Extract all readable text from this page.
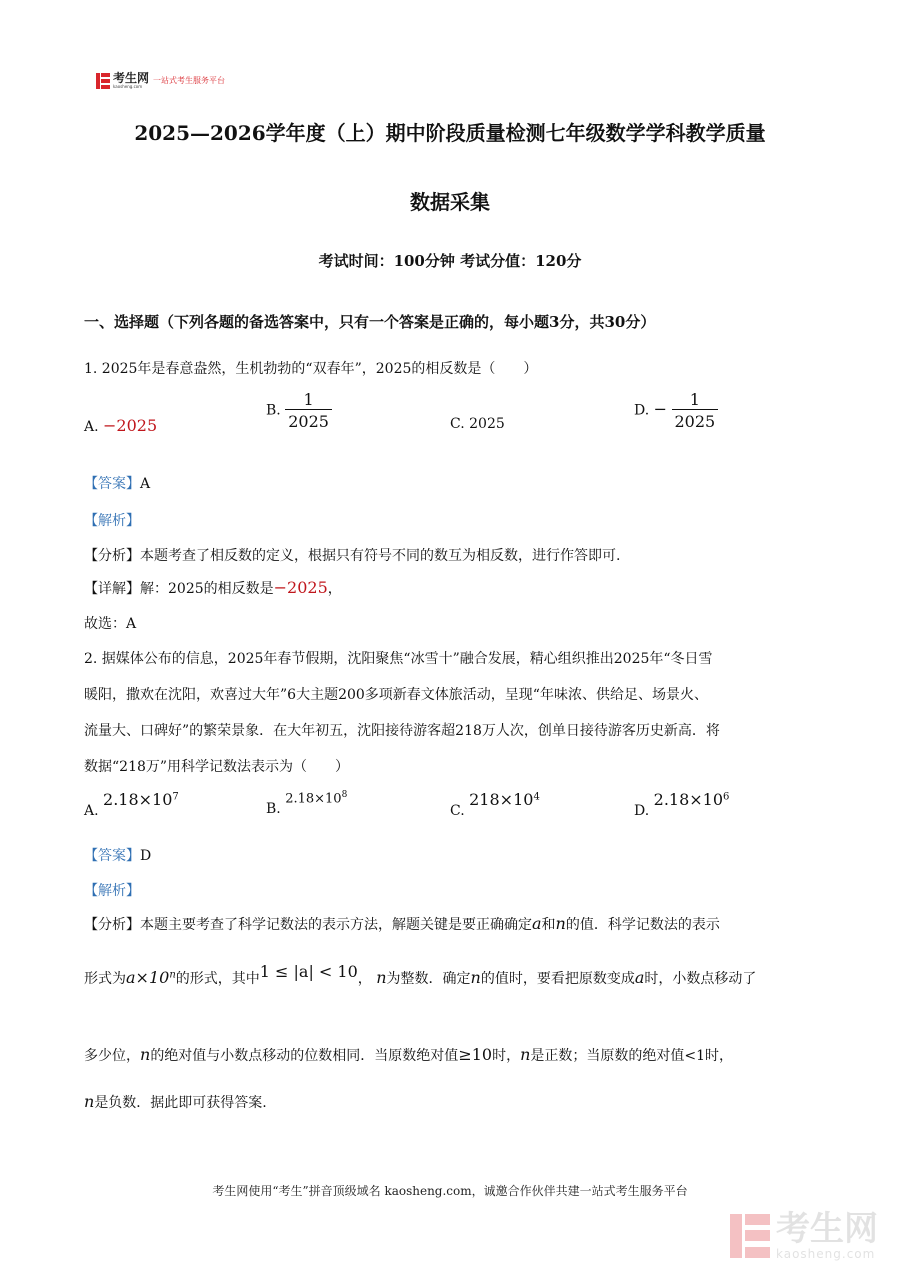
考生网
kaosheng.com
一站式考生服务平台
2025—2026学年度（上）期中阶段质量检测七年级数学学科教学质量
数据采集
考试时间：100分钟 考试分值：120分
一、选择题（下列各题的备选答案中，只有一个答案是正确的，每小题3分，共30分）
1. 2025年是春意盎然，生机勃勃的“双春年”，2025的相反数是（　　）
A. −2025
B. $\frac{1}{2025}$	C. 2025
D. − $\frac{1}{2025}$
【答案】A
【解析】
【分析】本题考查了相反数的定义，根据只有符号不同的数互为相反数，进行作答即可.
【详解】解：2025的相反数是−2025，
故选：A
2. 据媒体公布的信息，2025年春节假期，沈阳聚焦“冰雪十”融合发展，精心组织推出2025年“冬日雪
暖阳，撒欢在沈阳，欢喜过大年”6大主题200多项新春文体旅活动，呈现“年味浓、供给足、场景火、
流量大、口碑好”的繁荣景象．在大年初五，沈阳接待游客超218万人次，创单日接待游客历史新高．将
数据“218万”用科学记数法表示为（　　）
A. $2.18\times 10^7$
B. $2.18\times 10^8$
C. $218\times 10^4$
D. $2.18\times 10^6$
【答案】D
【解析】
【分析】本题主要考查了科学记数法的表示方法，解题关键是要正确确定a和n的值．科学记数法的表示
形式为$a\times 10^n$的形式，其中1 ≤ |a| < 10， n为整数．确定n的值时，要看把原数变成a时，小数点移动了
多少位，n的绝对值与小数点移动的位数相同．当原数绝对值≥10时，n是正数；当原数的绝对值<1时，
n是负数．据此即可获得答案.
考生网使用“考生”拼音顶级域名 kaosheng.com，诚邀合作伙伴共建一站式考生服务平台
考生网
kaosheng.com
